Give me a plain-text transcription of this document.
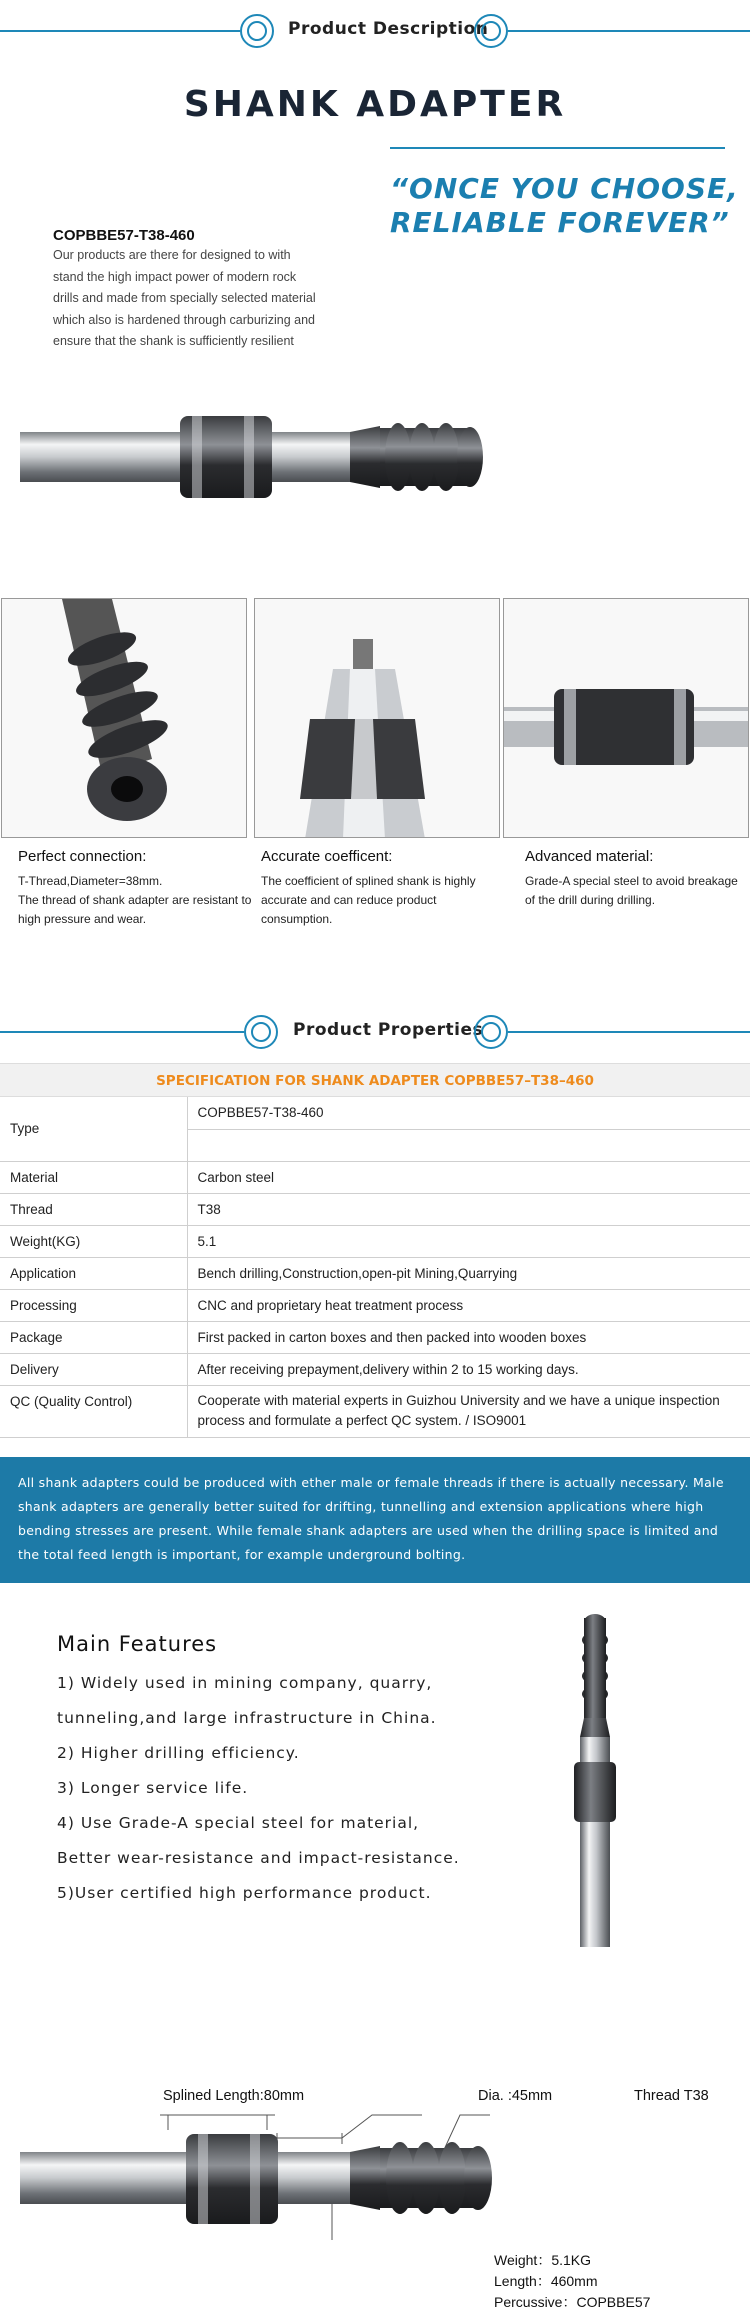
Product Description
SHANK ADAPTER
“ONCE YOU CHOOSE,
RELIABLE FOREVER”
COPBBE57-T38-460
Our products are there for designed to with stand the high impact power of modern rock drills and made from specially selected material which also is hardened through carburizing and ensure that the shank is sufficiently resilient
Perfect connection:
T-Thread,Diameter=38mm.
The thread of shank adapter are resistant to high pressure and wear.
Accurate coefficent:
The coefficient of splined shank is highly accurate and can reduce product consumption.
Advanced material:
Grade-A special steel to avoid breakage of the drill during drilling.
Product Properties
SPECIFICATION FOR SHANK ADAPTER COPBBE57–T38–460
Type	COPBBE57-T38-460

Material	Carbon steel
Thread	T38
Weight(KG)	5.1
Application	Bench drilling,Construction,open-pit Mining,Quarrying
Processing	CNC and proprietary heat treatment process
Package	First packed in carton boxes and then packed into wooden boxes
Delivery	After receiving prepayment,delivery within 2 to 15 working days.
QC (Quality Control)	Cooperate with material experts in Guizhou University and we have a unique inspection process and formulate a perfect QC system. / ISO9001

All shank adapters could be produced with ether male or female threads if there is actually necessary. Male shank adapters are generally better suited for drifting, tunnelling and extension applications where high bending stresses are present. While female shank adapters are used when the drilling space is limited and the total feed length is important, for example underground bolting.

Main Features
1) Widely used in mining company, quarry,
tunneling,and large infrastructure in China.
2) Higher drilling efficiency.
3) Longer service life.
4) Use Grade-A special steel for material,
Better wear-resistance and impact-resistance.
5)User certified high performance product.
Splined Length:80mm	Dia. :45mm	Thread T38
Weight：5.1KG
Length：460mm
Percussive：COPBBE57
